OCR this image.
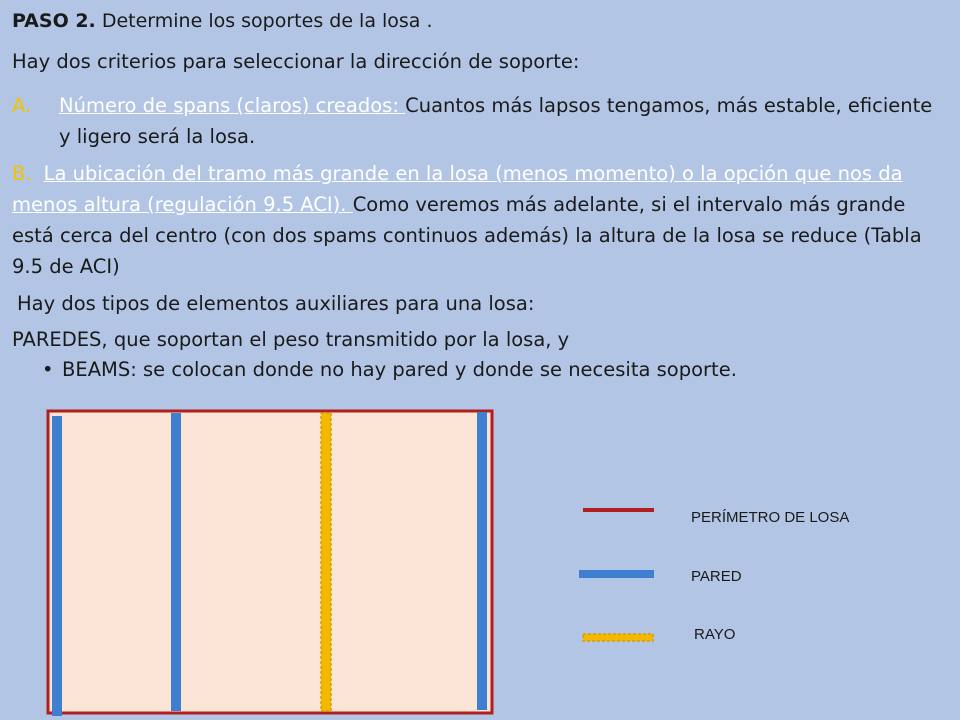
PASO 2. Determine los soportes de la losa .
Hay dos criterios para seleccionar la dirección de soporte:
A. Número de spans (claros) creados: Cuantos más lapsos tengamos, más estable, eficiente y ligero será la losa.
B. La ubicación del tramo más grande en la losa (menos momento) o la opción que nos da menos altura (regulación 9.5 ACI). Como veremos más adelante, si el intervalo más grande está cerca del centro (con dos spams continuos además) la altura de la losa se reduce (Tabla 9.5 de ACI)
Hay dos tipos de elementos auxiliares para una losa:
PAREDES, que soportan el peso transmitido por la losa, y
• BEAMS: se colocan donde no hay pared y donde se necesita soporte.
PERÍMETRO DE LOSA
PARED
RAYO
